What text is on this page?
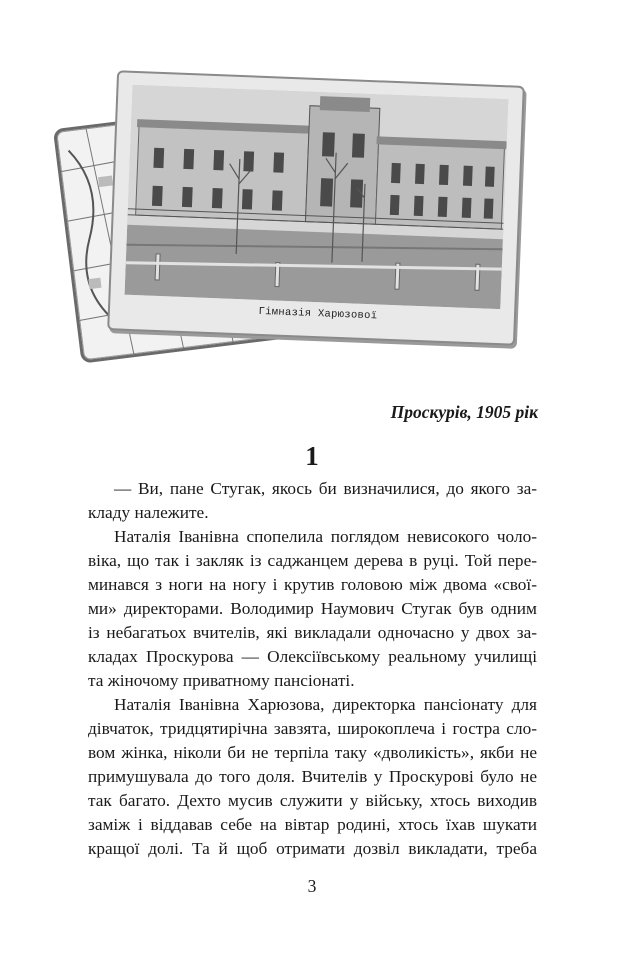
Гімназія Харюзової
Проскурів, 1905 рік
1
— Ви, пане Стугак, якось би визначилися, до якого за-
кладу належите.
Наталія Іванівна спопелила поглядом невисокого чоло-
віка, що так і закляк із саджанцем дерева в руці. Той пере-
минався з ноги на ногу і крутив головою між двома «свої-
ми» директорами. Володимир Наумович Стугак був одним
із небагатьох вчителів, які викладали одночасно у двох за-
кладах Проскурова — Олексіївському реальному училищі
та жіночому приватному пансіонаті.
Наталія Іванівна Харюзова, директорка пансіонату для
дівчаток, тридцятирічна завзята, широкоплеча і гостра сло-
вом жінка, ніколи би не терпіла таку «дволикість», якби не
примушувала до того доля. Вчителів у Проскурові було не
так багато. Дехто мусив служити у війську, хтось виходив
заміж і віддавав себе на вівтар родині, хтось їхав шукати
кращої долі. Та й щоб отримати дозвіл викладати, треба
3
